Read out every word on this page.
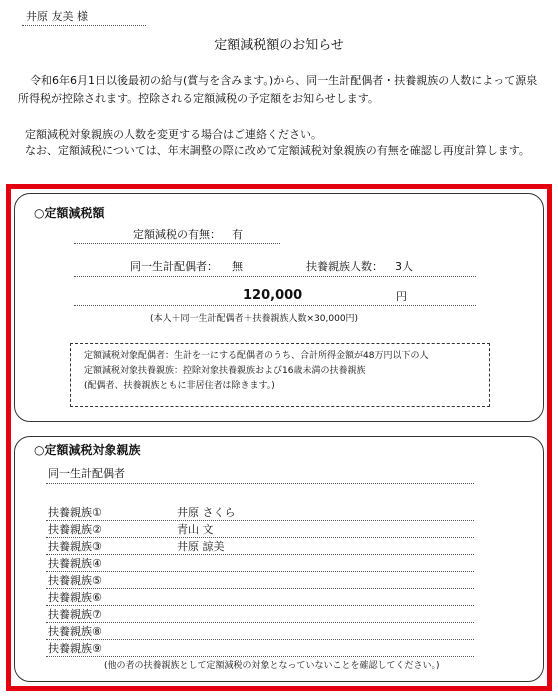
井原 友美 様
定額減税額のお知らせ

令和6年6月1日以後最初の給与(賞与を含みます。)から、同一生計配偶者・扶養親族の人数によって源泉

所得税が控除されます。控除される定額減税の予定額をお知らせします。
定額減税対象親族の人数を変更する場合はご連絡ください。
なお、定額減税については、年末調整の際に改めて定額減税対象親族の有無を確認し再度計算します。
○定額減税額
定額減税の有無： 有
同一生計配偶者： 無	扶養親族人数： 3人
120,000	円
(本人＋同一生計配偶者＋扶養親族人数×30,000円)
定額減税対象配偶者：生計を一にする配偶者のうち、合計所得金額が48万円以下の人
定額減税対象扶養親族：控除対象扶養親族および16歳未満の扶養親族
(配偶者、扶養親族ともに非居住者は除きます。)
○定額減税対象親族
同一生計配偶者
扶養親族①	井原 さくら
扶養親族②	青山 文
扶養親族③	井原 諒美
扶養親族④
扶養親族⑤
扶養親族⑥
扶養親族⑦
扶養親族⑧
扶養親族⑨
(他の者の扶養親族として定額減税の対象となっていないことを確認してください。)
